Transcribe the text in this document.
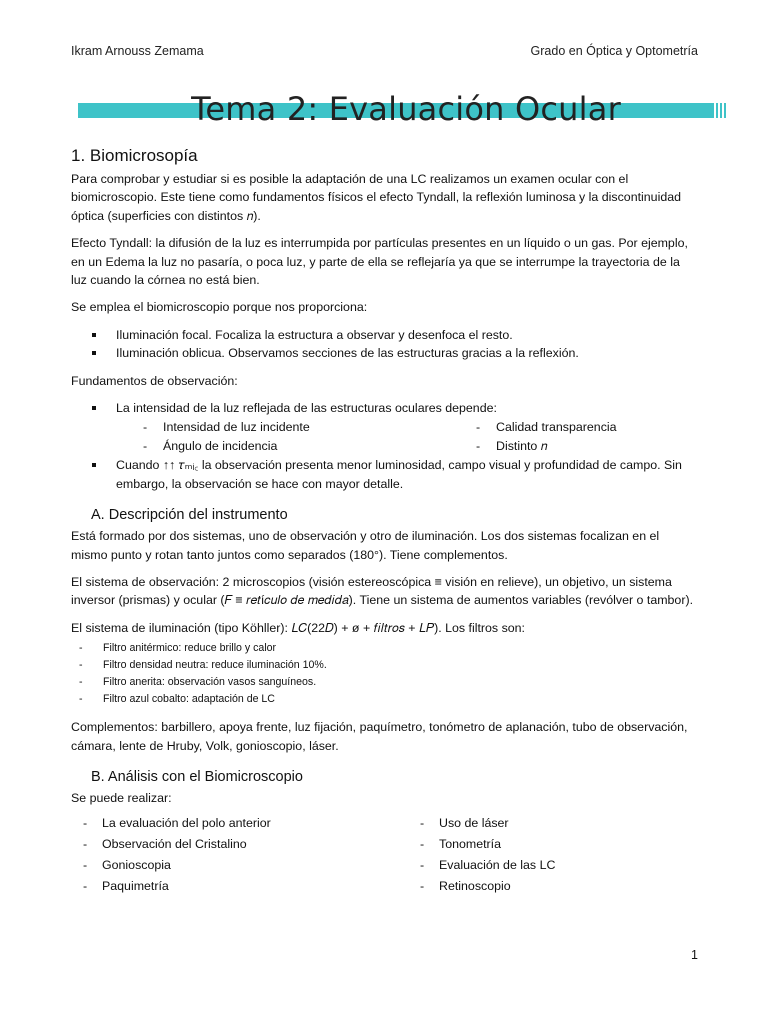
Ikram Arnouss Zemama	Grado en Óptica y Optometría
Tema 2: Evaluación Ocular
1. Biomicrosopía

Para comprobar y estudiar si es posible la adaptación de una LC realizamos un examen ocular con el biomicroscopio. Este tiene como fundamentos físicos el efecto Tyndall, la reflexión luminosa y la discontinuidad óptica (superficies con distintos 𝑛).

Efecto Tyndall: la difusión de la luz es interrumpida por partículas presentes en un líquido o un gas. Por ejemplo, en un Edema la luz no pasaría, o poca luz, y parte de ella se reflejaría ya que se interrumpe la trayectoria de la luz cuando la córnea no está bien.

Se emplea el biomicroscopio porque nos proporciona:

Iluminación focal. Focaliza la estructura a observar y desenfoca el resto.
Iluminación oblicua. Observamos secciones de las estructuras gracias a la reflexión.

Fundamentos de observación:

La intensidad de la luz reflejada de las estructuras oculares depende:
- Intensidad de luz incidente	- Calidad transparencia
- Ángulo de incidencia	- Distinto 𝑛
Cuando ↑↑ 𝜏ₘᵢ꜀ la observación presenta menor luminosidad, campo visual y profundidad de campo. Sin embargo, la observación se hace con mayor detalle.
A. Descripción del instrumento

Está formado por dos sistemas, uno de observación y otro de iluminación. Los dos sistemas focalizan en el mismo punto y rotan tanto juntos como separados (180°). Tiene complementos.

El sistema de observación: 2 microscopios (visión estereoscópica ≡ visión en relieve), un objetivo, un sistema inversor (prismas) y ocular (𝐹 ≡ 𝑟𝑒𝑡í𝑐𝑢𝑙𝑜 𝑑𝑒 𝑚𝑒𝑑𝑖𝑑𝑎). Tiene un sistema de aumentos variables (revólver o tambor).

El sistema de iluminación (tipo Köhller): 𝐿𝐶(22𝐷) + ø + 𝑓𝑖𝑙𝑡𝑟𝑜𝑠 + 𝐿𝑃). Los filtros son:

- Filtro anitérmico: reduce brillo y calor
- Filtro densidad neutra: reduce iluminación 10%.
- Filtro anerita: observación vasos sanguíneos.
- Filtro azul cobalto: adaptación de LC

Complementos: barbillero, apoya frente, luz fijación, paquímetro, tonómetro de aplanación, tubo de observación, cámara, lente de Hruby, Volk, gonioscopio, láser.

B. Análisis con el Biomicroscopio

Se puede realizar:

- La evaluación del polo anterior	- Uso de láser
- Observación del Cristalino	- Tonometría
- Gonioscopia	- Evaluación de las LC
- Paquimetría	- Retinoscopio
1
